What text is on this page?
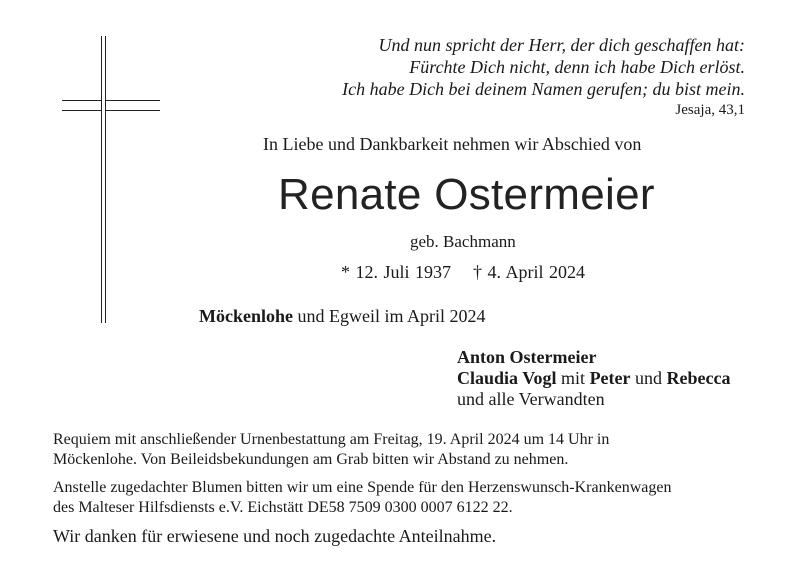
Und nun spricht der Herr, der dich geschaffen hat:
Fürchte Dich nicht, denn ich habe Dich erlöst.
Ich habe Dich bei deinem Namen gerufen; du bist mein.
Jesaja, 43,1
In Liebe und Dankbarkeit nehmen wir Abschied von
Renate Ostermeier
geb. Bachmann
* 12. Juli 1937 † 4. April 2024
Möckenlohe und Egweil im April 2024
Anton Ostermeier
Claudia Vogl mit Peter und Rebecca
und alle Verwandten
Requiem mit anschließender Urnenbestattung am Freitag, 19. April 2024 um 14 Uhr in
Möckenlohe. Von Beileidsbekundungen am Grab bitten wir Abstand zu nehmen.
Anstelle zugedachter Blumen bitten wir um eine Spende für den Herzenswunsch-Krankenwagen
des Malteser Hilfsdiensts e.V. Eichstätt DE58 7509 0300 0007 6122 22.
Wir danken für erwiesene und noch zugedachte Anteilnahme.
